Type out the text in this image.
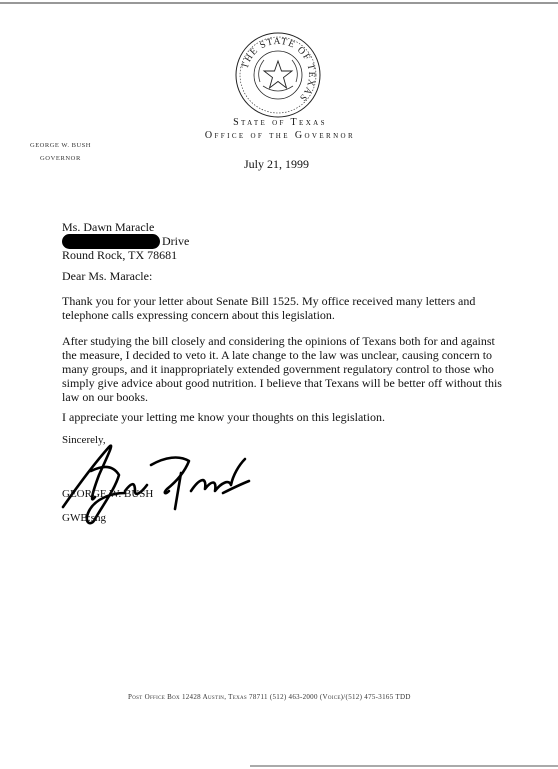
THE STATE OF TEXAS
State of Texas
Office of the Governor
GEORGE W. BUSH
GOVERNOR	July 21, 1999
Ms. Dawn Maracle
Drive
Round Rock, TX 78681
Dear Ms. Maracle:
Thank you for your letter about Senate Bill 1525. My office received many letters and telephone calls expressing concern about this legislation.
After studying the bill closely and considering the opinions of Texans both for and against the measure, I decided to veto it. A late change to the law was unclear, causing concern to many groups, and it inappropriately extended government regulatory control to those who simply give advice about good nutrition. I believe that Texans will be better off without this law on our books.
I appreciate your letting me know your thoughts on this legislation.
Sincerely,
GEORGE W. BUSH
GWB:sng
Post Office Box 12428 Austin, Texas 78711 (512) 463-2000 (Voice)/(512) 475-3165 TDD
